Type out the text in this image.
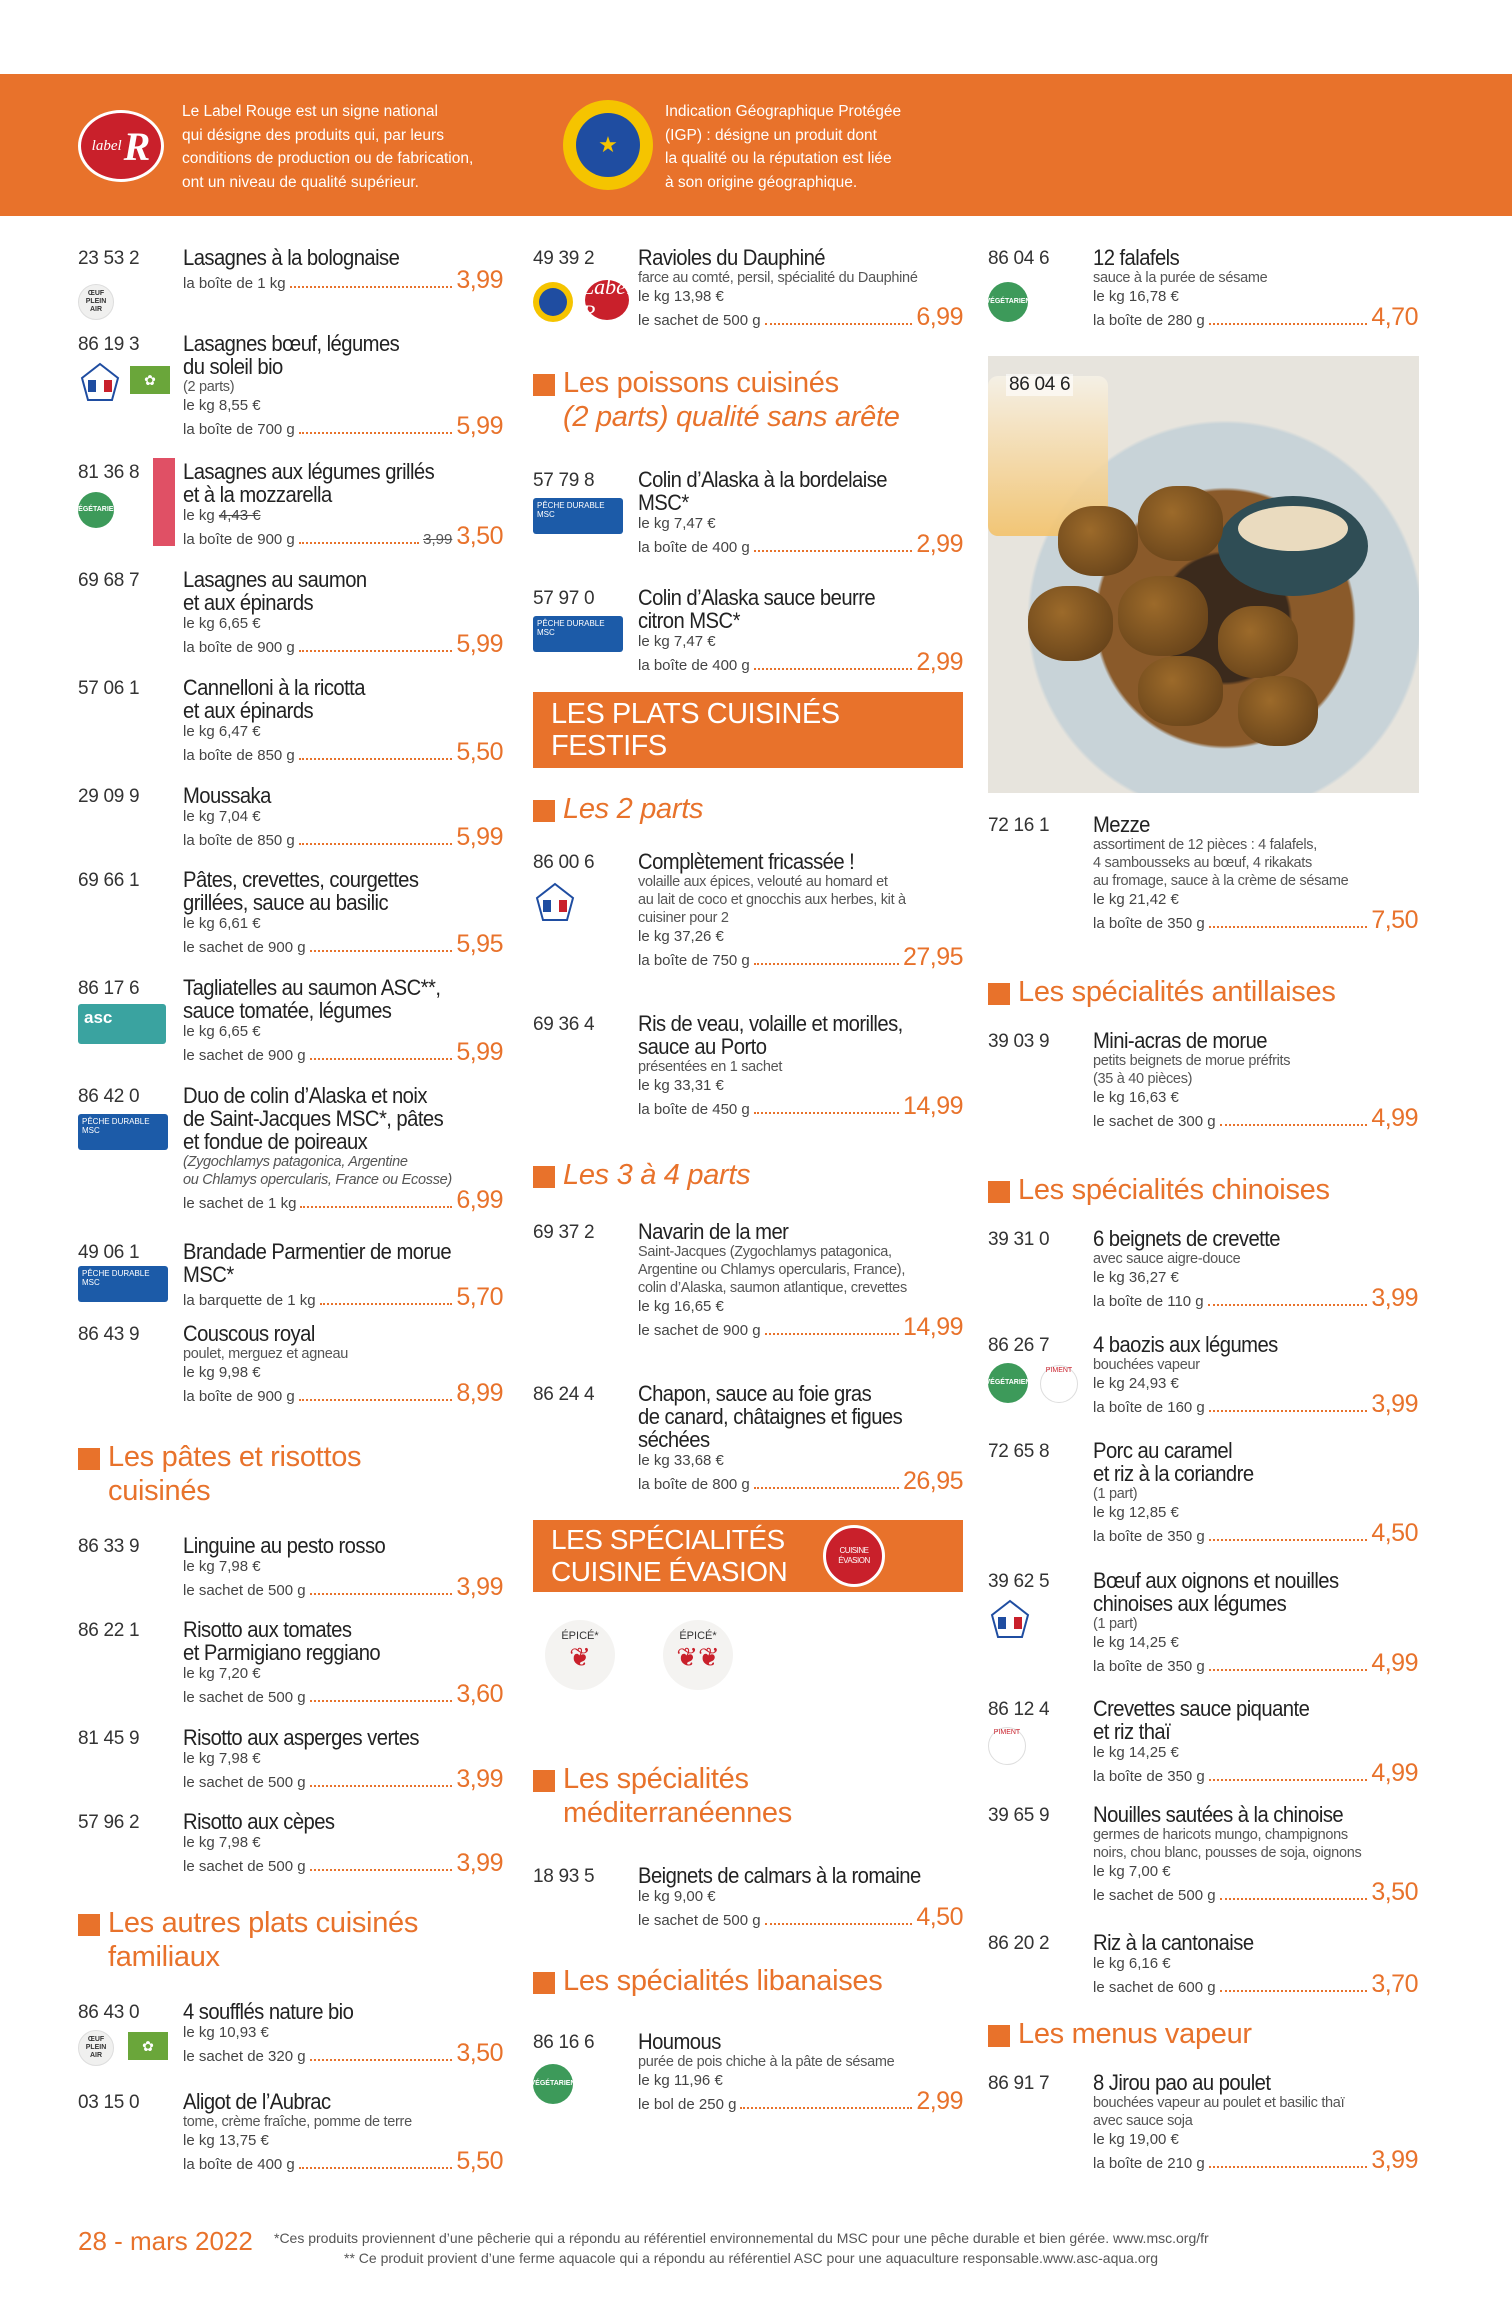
label R
Le Label Rouge est un signe national
qui désigne des produits qui, par leurs
conditions de production ou de fabrication,
ont un niveau de qualité supérieur.
★
Indication Géographique Protégée
(IGP) : désigne un produit dont
la qualité ou la réputation est liée
à son origine géographique.
23 53 2
ŒUF PLEIN AIR
Lasagnes à la bolognaise
la boîte de 1 kg	3,99
86 19 3
✿
Lasagnes bœuf, légumes
du soleil bio
(2 parts)
le kg 8,55 €
la boîte de 700 g	5,99
81 36 8
VÉGÉTARIEN
Lasagnes aux légumes grillés
et à la mozzarella
le kg 4,43 €
la boîte de 900 g	3,99 3,50
69 68 7 Lasagnes au saumon
et aux épinards
le kg 6,65 €
la boîte de 900 g	5,99
57 06 1 Cannelloni à la ricotta
et aux épinards
le kg 6,47 €
la boîte de 850 g	5,50
29 09 9 Moussaka
le kg 7,04 €
la boîte de 850 g	5,99
69 66 1 Pâtes, crevettes, courgettes
grillées, sauce au basilic
le kg 6,61 €
le sachet de 900 g	5,95
86 17 6
asc
Tagliatelles au saumon ASC**,
sauce tomatée, légumes
le kg 6,65 €
le sachet de 900 g	5,99
86 42 0
PÊCHE DURABLE MSC
Duo de colin d’Alaska et noix
de Saint-Jacques MSC*, pâtes
et fondue de poireaux
(Zygochlamys patagonica, Argentine
ou Chlamys opercularis, France ou Ecosse)
le sachet de 1 kg	6,99
49 06 1
PÊCHE DURABLE MSC
Brandade Parmentier de morue
MSC*
la barquette de 1 kg	5,70
86 43 9 Couscous royal
poulet, merguez et agneau
le kg 9,98 €
la boîte de 900 g	8,99
Les pâtes et risottos
cuisinés
86 33 9 Linguine au pesto rosso
le kg 7,98 €
le sachet de 500 g	3,99
86 22 1 Risotto aux tomates
et Parmigiano reggiano
le kg 7,20 €
le sachet de 500 g	3,60
81 45 9 Risotto aux asperges vertes
le kg 7,98 €
le sachet de 500 g	3,99
57 96 2 Risotto aux cèpes
le kg 7,98 €
le sachet de 500 g	3,99
Les autres plats cuisinés
familiaux
86 43 0
ŒUF PLEIN AIR
✿
4 soufflés nature bio
le kg 10,93 €
le sachet de 320 g	3,50
03 15 0 Aligot de l’Aubrac
tome, crème fraîche, pomme de terre
le kg 13,75 €
la boîte de 400 g	5,50
49 39 2
Label R
Ravioles du Dauphiné
farce au comté, persil, spécialité du Dauphiné
le kg 13,98 €
le sachet de 500 g	6,99
Les poissons cuisinés
(2 parts) qualité sans arête
57 79 8
PÊCHE DURABLE MSC
Colin d’Alaska à la bordelaise
MSC*
le kg 7,47 €
la boîte de 400 g	2,99
57 97 0
PÊCHE DURABLE MSC
Colin d’Alaska sauce beurre
citron MSC*
le kg 7,47 €
la boîte de 400 g	2,99
LES PLATS CUISINÉS FESTIFS
Les 2 parts
86 00 6 Complètement fricassée !
volaille aux épices, velouté au homard et
au lait de coco et gnocchis aux herbes, kit à
cuisiner pour 2
le kg 37,26 €
la boîte de 750 g	27,95
69 36 4 Ris de veau, volaille et morilles,
sauce au Porto
présentées en 1 sachet
le kg 33,31 €
la boîte de 450 g	14,99
Les 3 à 4 parts
69 37 2 Navarin de la mer
Saint-Jacques (Zygochlamys patagonica,
Argentine ou Chlamys opercularis, France),
colin d’Alaska, saumon atlantique, crevettes
le kg 16,65 €
le sachet de 900 g	14,99
86 24 4 Chapon, sauce au foie gras
de canard, châtaignes et figues
séchées
le kg 33,68 €
la boîte de 800 g	26,95
LES SPÉCIALITÉS
CUISINE ÉVASION
CUISINE ÉVASION
ÉPICÉ*
❦
ÉPICÉ*
❦❦
Les spécialités
méditerranéennes
18 93 5 Beignets de calmars à la romaine
le kg 9,00 €
le sachet de 500 g	4,50
Les spécialités libanaises
86 16 6
VÉGÉTARIEN
Houmous
purée de pois chiche à la pâte de sésame
le kg 11,96 €
le bol de 250 g	2,99
86 04 6
VÉGÉTARIEN
12 falafels
sauce à la purée de sésame
le kg 16,78 €
la boîte de 280 g	4,70
86 04 6
72 16 1 Mezze
assortiment de 12 pièces : 4 falafels,
4 sambousseks au bœuf, 4 rikakats
au fromage, sauce à la crème de sésame
le kg 21,42 €
la boîte de 350 g	7,50
Les spécialités antillaises
39 03 9 Mini-acras de morue
petits beignets de morue préfrits
(35 à 40 pièces)
le kg 16,63 €
le sachet de 300 g	4,99
Les spécialités chinoises
39 31 0 6 beignets de crevette
avec sauce aigre-douce
le kg 36,27 €
la boîte de 110 g	3,99
86 26 7
VÉGÉTARIEN
PIMENT
4 baozis aux légumes
bouchées vapeur
le kg 24,93 €
la boîte de 160 g	3,99
72 65 8 Porc au caramel
et riz à la coriandre
(1 part)
le kg 12,85 €
la boîte de 350 g	4,50
39 62 5 Bœuf aux oignons et nouilles
chinoises aux légumes
(1 part)
le kg 14,25 €
la boîte de 350 g	4,99
86 12 4
PIMENT
Crevettes sauce piquante
et riz thaï
le kg 14,25 €
la boîte de 350 g	4,99
39 65 9 Nouilles sautées à la chinoise
germes de haricots mungo, champignons
noirs, chou blanc, pousses de soja, oignons
le kg 7,00 €
le sachet de 500 g	3,50
86 20 2 Riz à la cantonaise
le kg 6,16 €
le sachet de 600 g	3,70
Les menus vapeur
86 91 7 8 Jirou pao au poulet
bouchées vapeur au poulet et basilic thaï
avec sauce soja
le kg 19,00 €
la boîte de 210 g	3,99
28 - mars 2022 *Ces produits proviennent d’une pêcherie qui a répondu au référentiel environnemental du MSC pour une pêche durable et bien gérée. www.msc.org/fr
** Ce produit provient d’une ferme aquacole qui a répondu au référentiel ASC pour une aquaculture responsable.www.asc-aqua.org
